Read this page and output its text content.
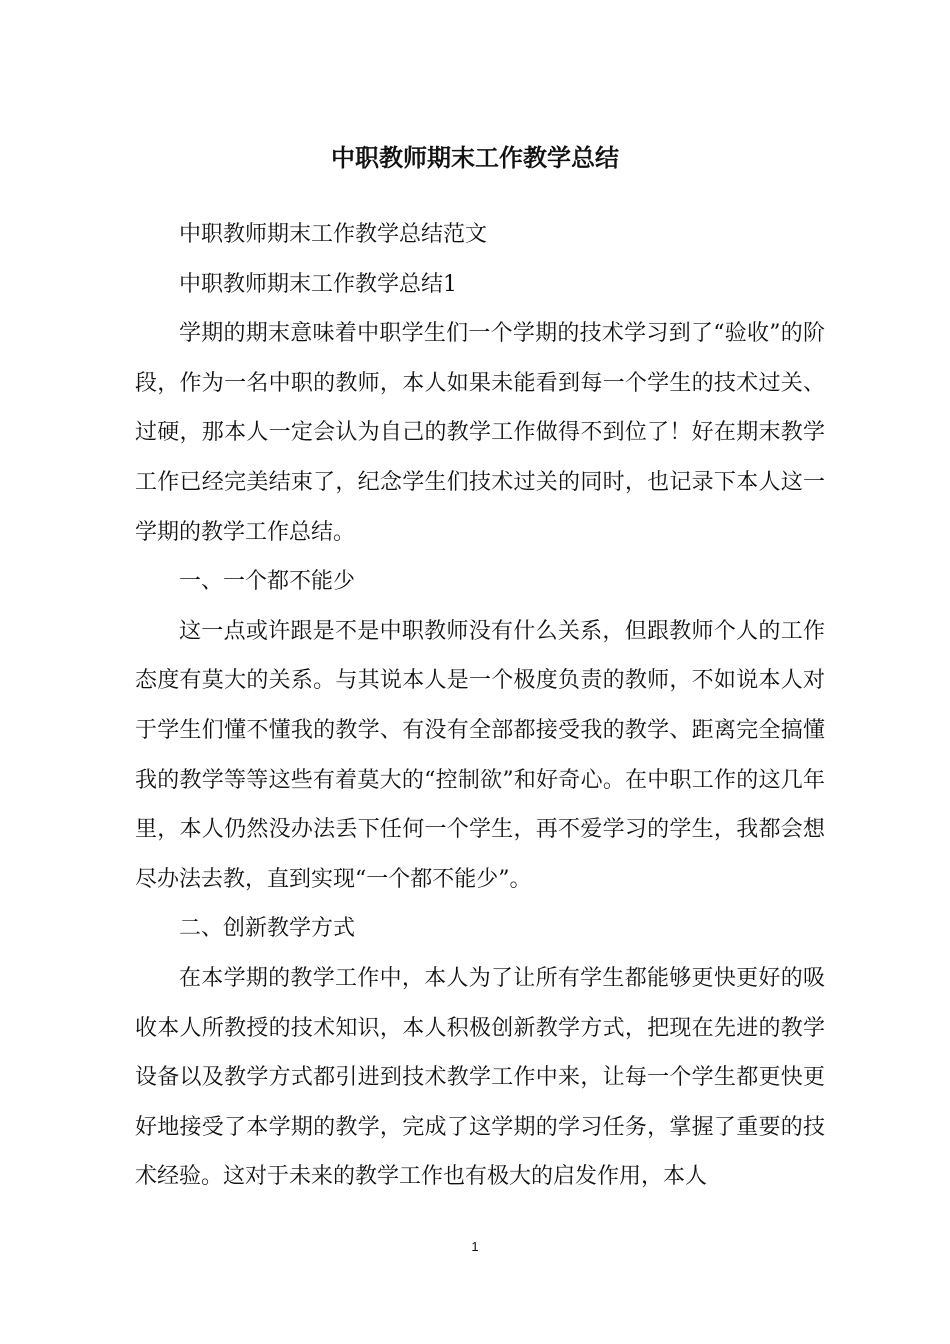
中职教师期末工作教学总结

中职教师期末工作教学总结范文

中职教师期末工作教学总结1

学期的期末意味着中职学生们一个学期的技术学习到了“验收”的阶段，作为一名中职的教师，本人如果未能看到每一个学生的技术过关、过硬，那本人一定会认为自己的教学工作做得不到位了！好在期末教学工作已经完美结束了，纪念学生们技术过关的同时，也记录下本人这一学期的教学工作总结。

一、一个都不能少

这一点或许跟是不是中职教师没有什么关系，但跟教师个人的工作态度有莫大的关系。与其说本人是一个极度负责的教师，不如说本人对于学生们懂不懂我的教学、有没有全部都接受我的教学、距离完全搞懂我的教学等等这些有着莫大的“控制欲”和好奇心。在中职工作的这几年里，本人仍然没办法丢下任何一个学生，再不爱学习的学生，我都会想尽办法去教，直到实现“一个都不能少”。

二、创新教学方式

在本学期的教学工作中，本人为了让所有学生都能够更快更好的吸收本人所教授的技术知识，本人积极创新教学方式，把现在先进的教学设备以及教学方式都引进到技术教学工作中来，让每一个学生都更快更好地接受了本学期的教学，完成了这学期的学习任务，掌握了重要的技术经验。这对于未来的教学工作也有极大的启发作用，本人

1
